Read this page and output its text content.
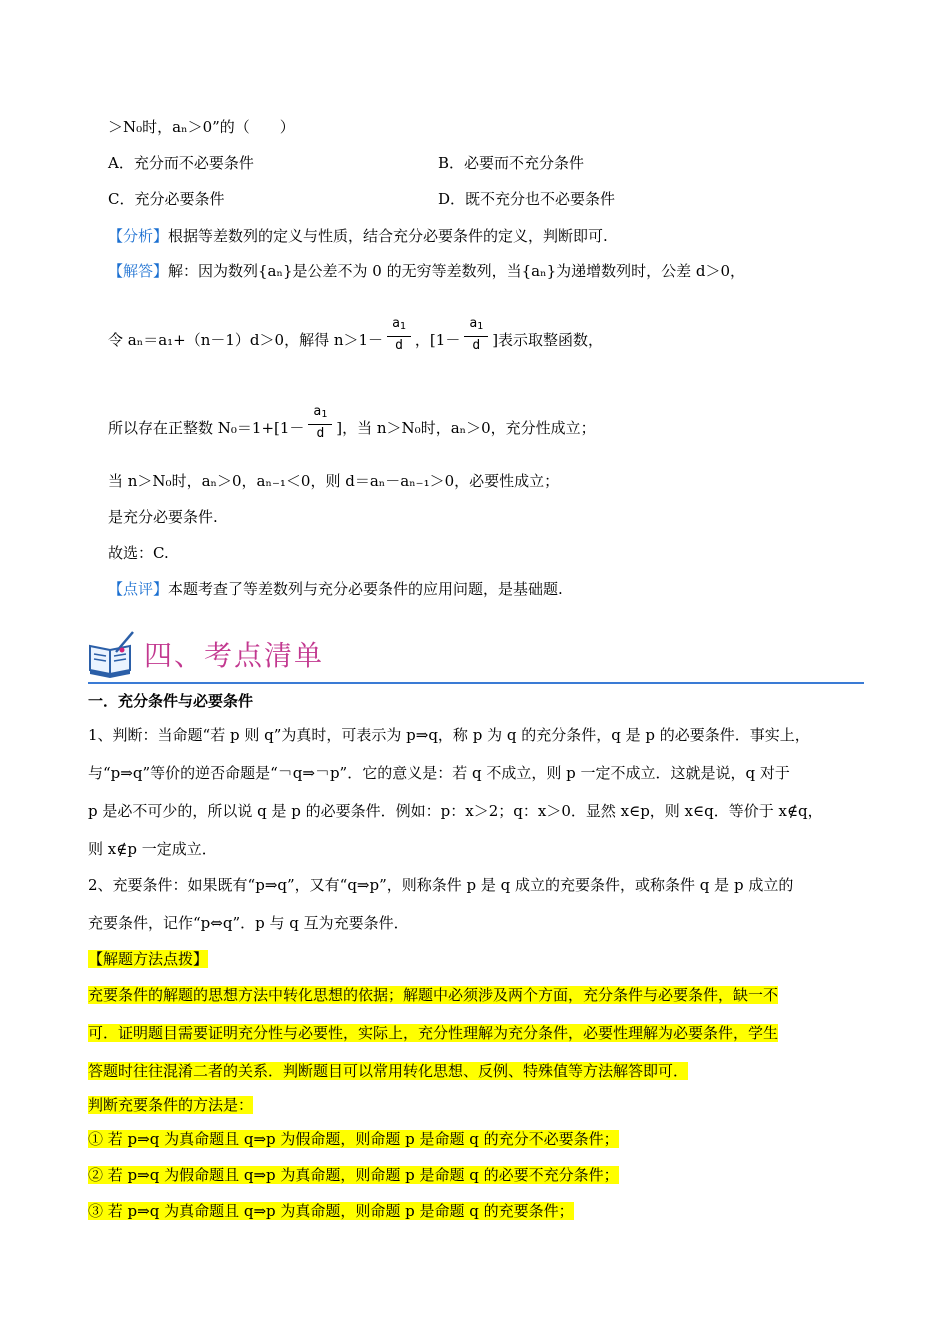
＞N₀时，aₙ＞0”的（　　）
A．充分而不必要条件	B．必要而不充分条件
C．充分必要条件	D．既不充分也不必要条件
【分析】根据等差数列的定义与性质，结合充分必要条件的定义，判断即可.
【解答】解：因为数列{aₙ}是公差不为 0 的无穷等差数列，当{aₙ}为递增数列时，公差 d＞0，
令 aₙ＝a₁+（n－1）d＞0，解得 $n>1- \frac{a1}{d}$ ，[$1- \frac{a1}{d}$ ]表示取整函数，
所以存在正整数 $N_0=1+[1- \frac{a1}{d}$ ]，当 n＞N₀时，aₙ＞0，充分性成立；
当 n＞N₀时，aₙ＞0，aₙ₋₁＜0，则 d＝aₙ－aₙ₋₁＞0，必要性成立；
是充分必要条件.
故选：C.
【点评】本题考查了等差数列与充分必要条件的应用问题，是基础题.
四、考点清单
一．充分条件与必要条件
1、判断：当命题“若 p 则 q”为真时，可表示为 p⇒q，称 p 为 q 的充分条件，q 是 p 的必要条件．事实上，
与“p⇒q”等价的逆否命题是“￢q⇒￢p”．它的意义是：若 q 不成立，则 p 一定不成立．这就是说，q 对于
p 是必不可少的，所以说 q 是 p 的必要条件．例如：p：x＞2；q：x＞0．显然 x∈p，则 x∈q．等价于 x∉q，
则 x∉p 一定成立．
2、充要条件：如果既有“p⇒q”，又有“q⇒p”，则称条件 p 是 q 成立的充要条件，或称条件 q 是 p 成立的
充要条件，记作“p⇔q”．p 与 q 互为充要条件．
【解题方法点拨】
充要条件的解题的思想方法中转化思想的依据；解题中必须涉及两个方面，充分条件与必要条件，缺一不
可．证明题目需要证明充分性与必要性，实际上，充分性理解为充分条件，必要性理解为必要条件，学生
答题时往往混淆二者的关系．判断题目可以常用转化思想、反例、特殊值等方法解答即可．
判断充要条件的方法是：
① 若 p⇒q 为真命题且 q⇒p 为假命题，则命题 p 是命题 q 的充分不必要条件；
② 若 p⇒q 为假命题且 q⇒p 为真命题，则命题 p 是命题 q 的必要不充分条件；
③ 若 p⇒q 为真命题且 q⇒p 为真命题，则命题 p 是命题 q 的充要条件；
